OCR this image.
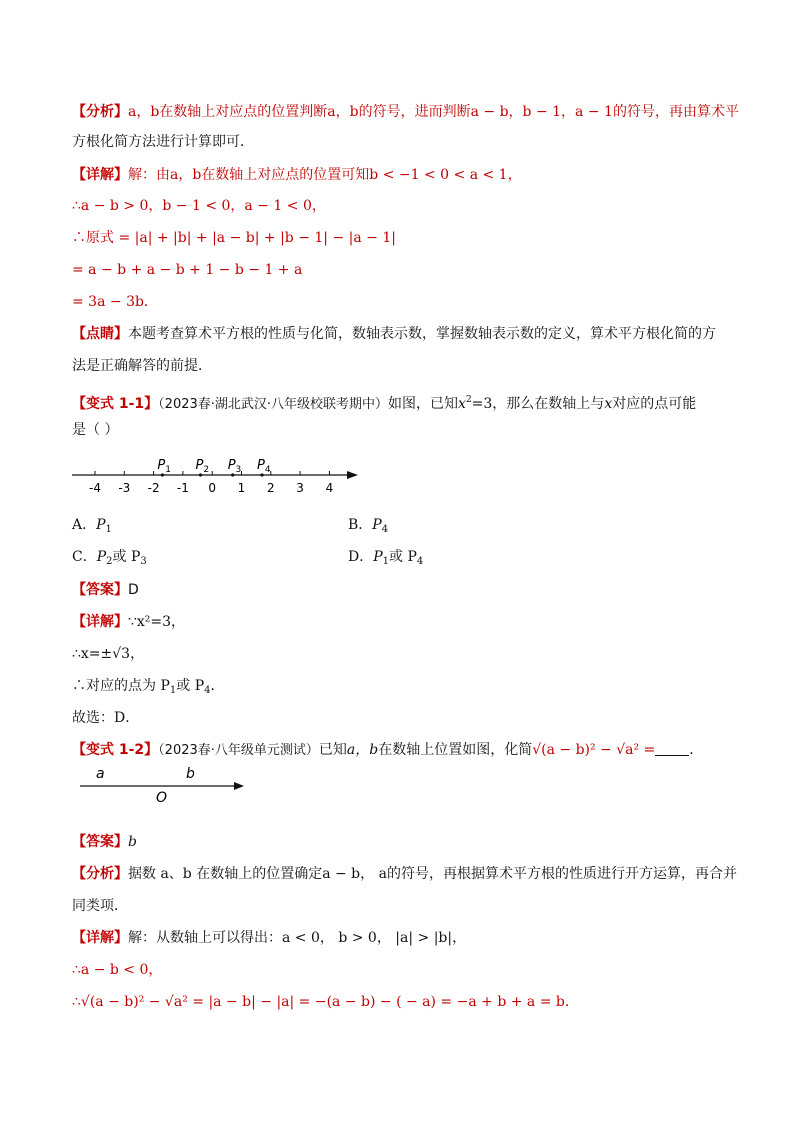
【分析】a，b在数轴上对应点的位置判断a，b的符号，进而判断a − b，b − 1，a − 1的符号，再由算术平
方根化简方法进行计算即可．
【详解】解：由a，b在数轴上对应点的位置可知b < −1 < 0 < a < 1，
∴a − b > 0，b − 1 < 0，a − 1 < 0，
∴原式 = |a| + |b| + |a − b| + |b − 1| − |a − 1|
= a − b + a − b + 1 − b − 1 + a
= 3a − 3b．
【点睛】本题考查算术平方根的性质与化简，数轴表示数，掌握数轴表示数的定义，算术平方根化简的方
法是正确解答的前提．
【变式 1-1】（2023春·湖北武汉·八年级校联考期中）如图，已知$x^2=3$，那么在数轴上与x对应的点可能
是（ ）
-4 -3 -2 -1 0 1 2 3 4
$P_1$ $P_2$ $P_3$ $P_4$
A．$P_1$	B．$P_4$
C．$P_2$或 $P_3$	D．$P_1$或 $P_4$
【答案】D
【详解】∵x²=3，
∴x=±√3，
∴对应的点为 $P_1$或 $P_4$．
故选：D．
【变式 1-2】（2023春·八年级单元测试）已知a，b在数轴上位置如图，化简√(a − b)² − √a² = ．
a	b
O
【答案】b
【分析】据数 a、b 在数轴上的位置确定a − b， a的符号，再根据算术平方根的性质进行开方运算，再合并
同类项．
【详解】解：从数轴上可以得出：a < 0， b > 0， |a| > |b|，
∴a − b < 0，
∴√(a − b)² − √a² = |a − b| − |a| = −(a − b) − ( − a) = −a + b + a = b．
